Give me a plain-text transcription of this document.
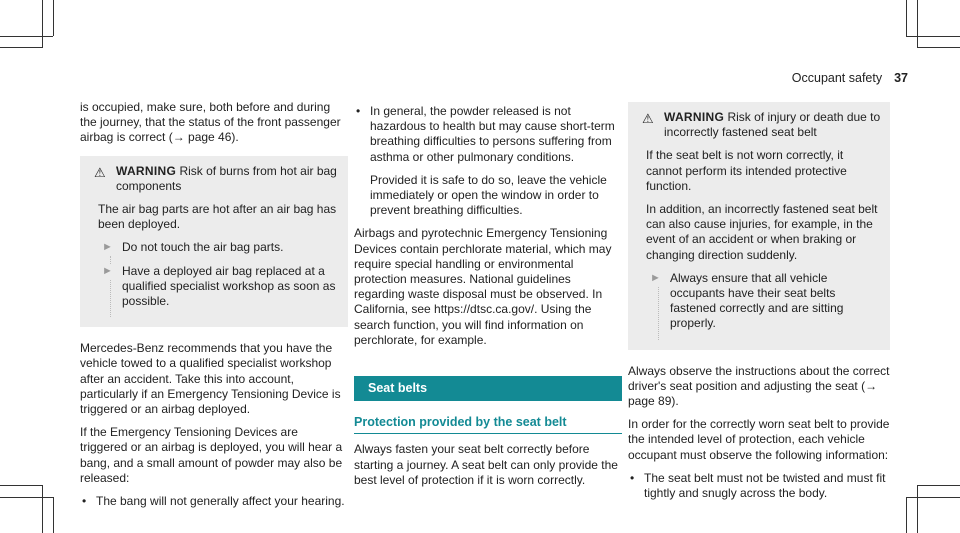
Occupant safety 37

is occupied, make sure, both before and during the journey, that the status of the front passenger airbag is correct (→ page 46).

⚠ WARNING Risk of burns from hot air bag components

The air bag parts are hot after an air bag has been deployed.

► Do not touch the air bag parts.
► Have a deployed air bag replaced at a qualified specialist workshop as soon as possible.

Mercedes-Benz recommends that you have the vehicle towed to a qualified specialist workshop after an accident. Take this into account, particularly if an Emergency Tensioning Device is triggered or an airbag deployed.

If the Emergency Tensioning Devices are triggered or an airbag is deployed, you will hear a bang, and a small amount of powder may also be released:

• The bang will not generally affect your hearing.
• In general, the powder released is not hazardous to health but may cause short-term breathing difficulties to persons suffering from asthma or other pulmonary conditions.

Provided it is safe to do so, leave the vehicle immediately or open the window in order to prevent breathing difficulties.

Airbags and pyrotechnic Emergency Tensioning Devices contain perchlorate material, which may require special handling or environmental protection measures. National guidelines regarding waste disposal must be observed. In California, see https://dtsc.ca.gov/. Using the search function, you will find information on perchlorate, for example.

Seat belts
Protection provided by the seat belt

Always fasten your seat belt correctly before starting a journey. A seat belt can only provide the best level of protection if it is worn correctly.

⚠ WARNING Risk of injury or death due to incorrectly fastened seat belt

If the seat belt is not worn correctly, it cannot perform its intended protective function.

In addition, an incorrectly fastened seat belt can also cause injuries, for example, in the event of an accident or when braking or changing direction suddenly.

► Always ensure that all vehicle occupants have their seat belts fastened correctly and are sitting properly.

Always observe the instructions about the correct driver's seat position and adjusting the seat (→ page 89).

In order for the correctly worn seat belt to provide the intended level of protection, each vehicle occupant must observe the following information:

• The seat belt must not be twisted and must fit tightly and snugly across the body.
